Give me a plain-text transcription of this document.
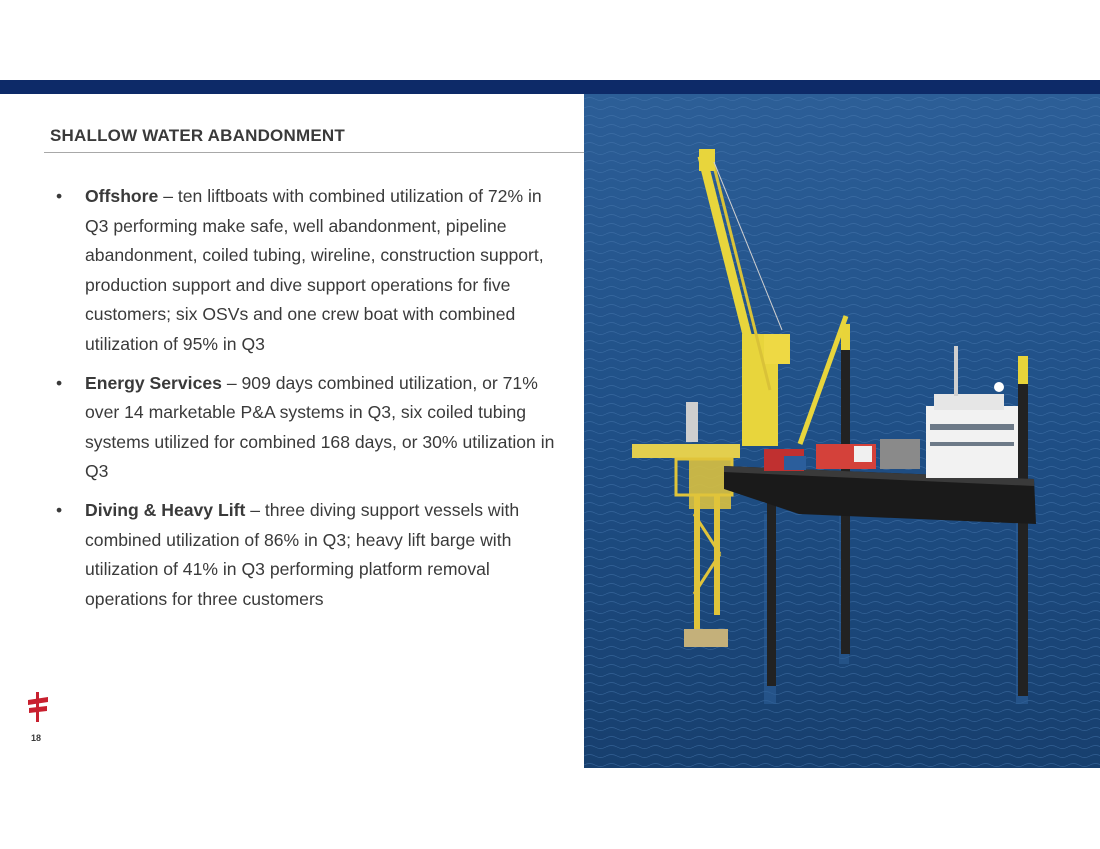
SHALLOW WATER ABANDONMENT
• Offshore – ten liftboats with combined utilization of 72% in Q3 performing make safe, well abandonment, pipeline abandonment, coiled tubing, wireline, construction support, production support and dive support operations for five customers; six OSVs and one crew boat with combined utilization of 95% in Q3
• Energy Services – 909 days combined utilization, or 71% over 14 marketable P&A systems in Q3, six coiled tubing systems utilized for combined 168 days, or 30% utilization in Q3
• Diving & Heavy Lift – three diving support vessels with combined utilization of 86% in Q3; heavy lift barge with utilization of 41% in Q3 performing platform removal operations for three customers
18
